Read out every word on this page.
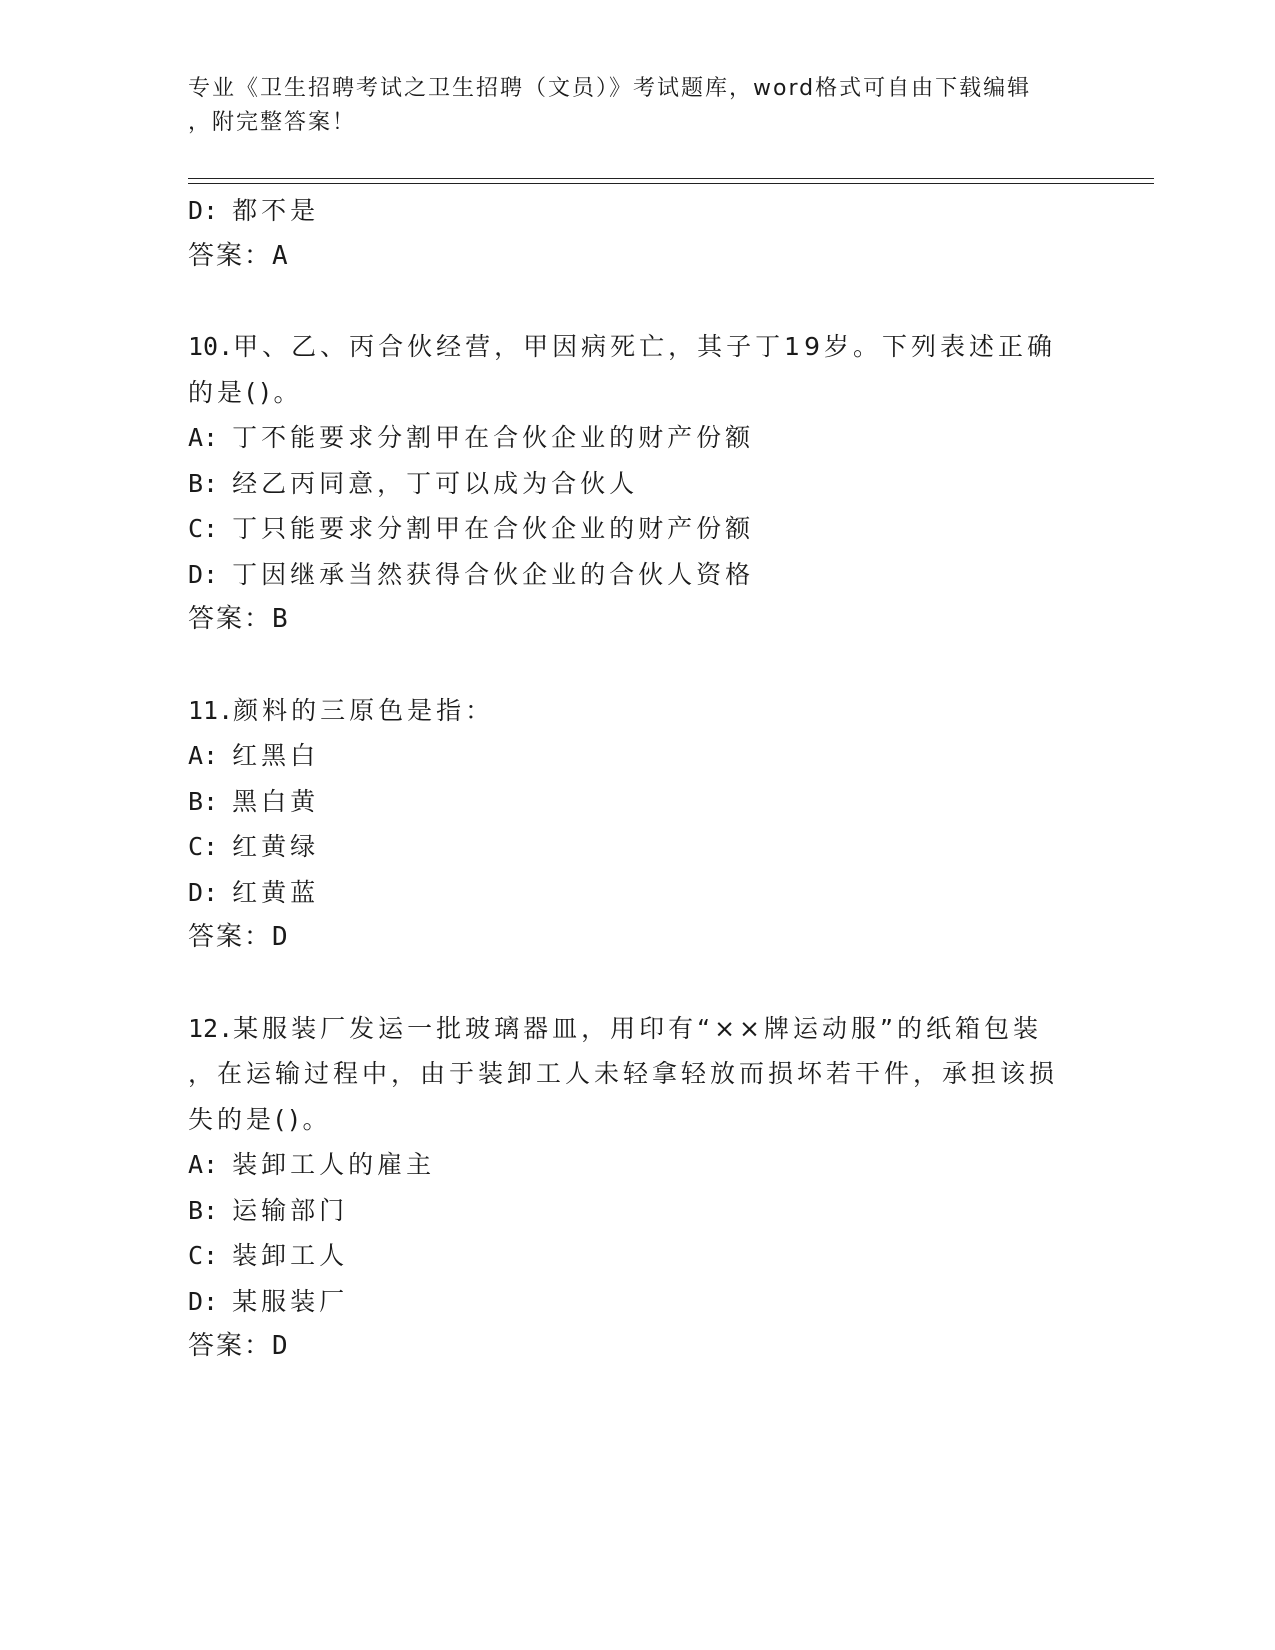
专业《卫生招聘考试之卫生招聘（文员）》考试题库，word格式可自由下载编辑
，附完整答案！
D: 都不是
答案：A
10.甲、乙、丙合伙经营，甲因病死亡，其子丁19岁。下列表述正确
的是()。
A: 丁不能要求分割甲在合伙企业的财产份额
B: 经乙丙同意，丁可以成为合伙人
C: 丁只能要求分割甲在合伙企业的财产份额
D: 丁因继承当然获得合伙企业的合伙人资格
答案：B
11.颜料的三原色是指：
A: 红黑白
B: 黑白黄
C: 红黄绿
D: 红黄蓝
答案：D
12.某服装厂发运一批玻璃器皿，用印有“××牌运动服”的纸箱包装
，在运输过程中，由于装卸工人未轻拿轻放而损坏若干件，承担该损
失的是()。
A: 装卸工人的雇主
B: 运输部门
C: 装卸工人
D: 某服装厂
答案：D
